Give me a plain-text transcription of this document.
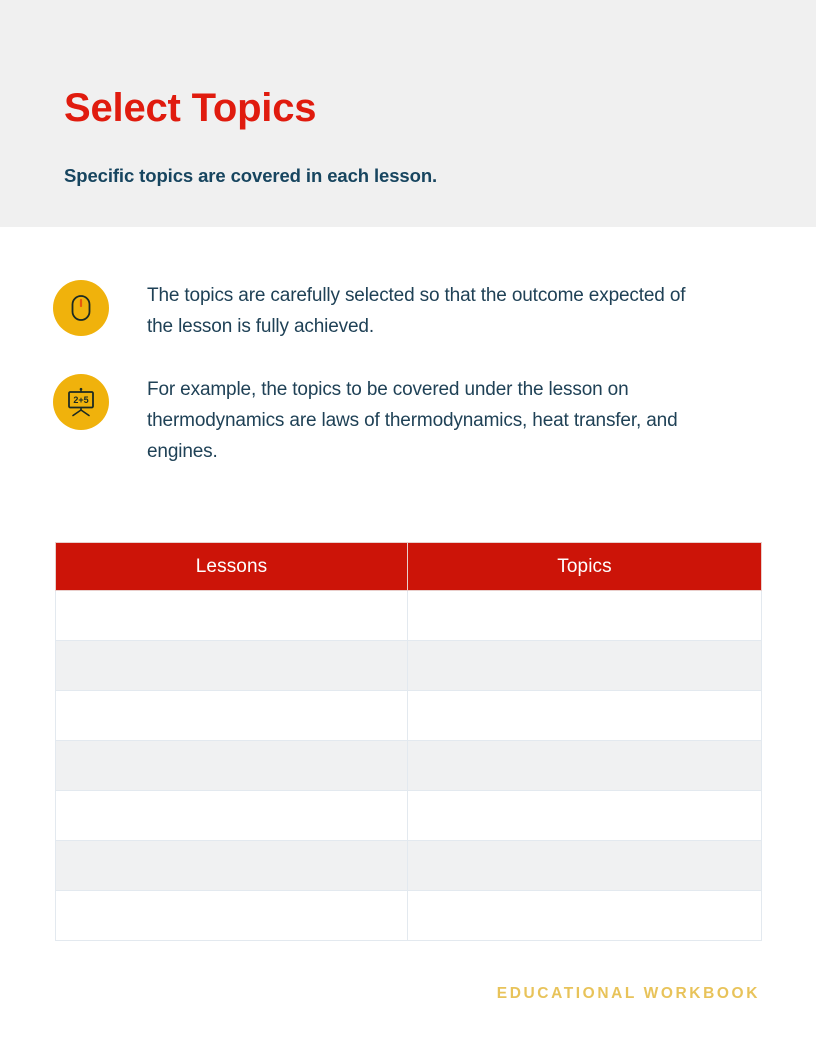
Select Topics

Specific topics are covered in each lesson.

The topics are carefully selected so that the outcome expected of the lesson is fully achieved.
2+5	For example, the topics to be covered under the lesson on thermodynamics are laws of thermodynamics, heat transfer, and engines.
Lessons	Topics

EDUCATIONAL WORKBOOK
